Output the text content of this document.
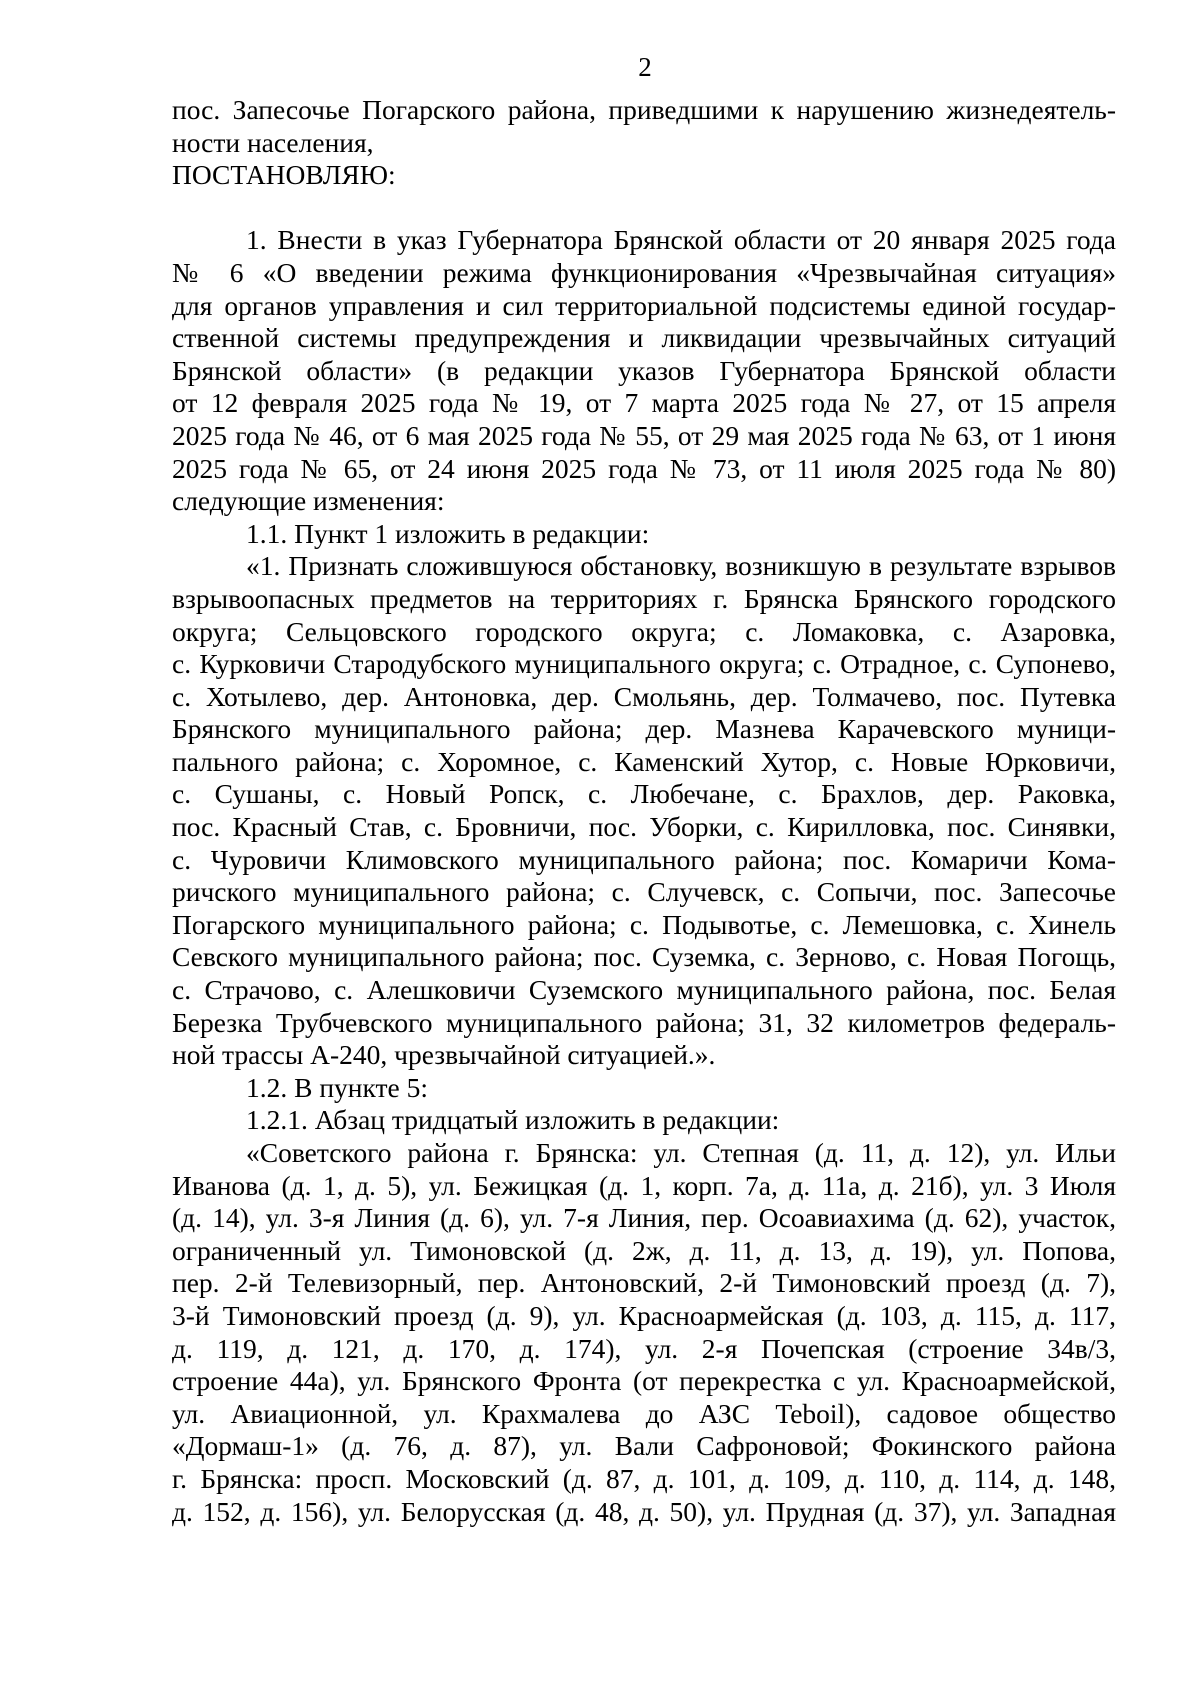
2
пос. Запесочье Погарского района, приведшими к нарушению жизнедеятель-
ности населения,
ПОСТАНОВЛЯЮ:
1. Внести в указ Губернатора Брянской области от 20 января 2025 года
№ 6 «О введении режима функционирования «Чрезвычайная ситуация»
для органов управления и сил территориальной подсистемы единой государ-
ственной системы предупреждения и ликвидации чрезвычайных ситуаций
Брянской области» (в редакции указов Губернатора Брянской области
от 12 февраля 2025 года № 19, от 7 марта 2025 года № 27, от 15 апреля
2025 года № 46, от 6 мая 2025 года № 55, от 29 мая 2025 года № 63, от 1 июня
2025 года № 65, от 24 июня 2025 года № 73, от 11 июля 2025 года № 80)
следующие изменения:
1.1. Пункт 1 изложить в редакции:
«1. Признать сложившуюся обстановку, возникшую в результате взрывов
взрывоопасных предметов на территориях г. Брянска Брянского городского
округа; Сельцовского городского округа; с. Ломаковка, с. Азаровка,
с. Курковичи Стародубского муниципального округа; с. Отрадное, с. Супонево,
с. Хотылево, дер. Антоновка, дер. Смольянь, дер. Толмачево, пос. Путевка
Брянского муниципального района; дер. Мазнева Карачевского муници-
пального района; с. Хоромное, с. Каменский Хутор, с. Новые Юрковичи,
с. Сушаны, с. Новый Ропск, с. Любечане, с. Брахлов, дер. Раковка,
пос. Красный Став, с. Бровничи, пос. Уборки, с. Кирилловка, пос. Синявки,
с. Чуровичи Климовского муниципального района; пос. Комаричи Кома-
ричского муниципального района; с. Случевск, с. Сопычи, пос. Запесочье
Погарского муниципального района; с. Подывотье, с. Лемешовка, с. Хинель
Севского муниципального района; пос. Суземка, с. Зерново, с. Новая Погощь,
с. Страчово, с. Алешковичи Суземского муниципального района, пос. Белая
Березка Трубчевского муниципального района; 31, 32 километров федераль-
ной трассы А-240, чрезвычайной ситуацией.».
1.2. В пункте 5:
1.2.1. Абзац тридцатый изложить в редакции:
«Советского района г. Брянска: ул. Степная (д. 11, д. 12), ул. Ильи
Иванова (д. 1, д. 5), ул. Бежицкая (д. 1, корп. 7а, д. 11а, д. 21б), ул. 3 Июля
(д. 14), ул. 3-я Линия (д. 6), ул. 7-я Линия, пер. Осоавиахима (д. 62), участок,
ограниченный ул. Тимоновской (д. 2ж, д. 11, д. 13, д. 19), ул. Попова,
пер. 2-й Телевизорный, пер. Антоновский, 2-й Тимоновский проезд (д. 7),
3-й Тимоновский проезд (д. 9), ул. Красноармейская (д. 103, д. 115, д. 117,
д. 119, д. 121, д. 170, д. 174), ул. 2-я Почепская (строение 34в/3,
строение 44а), ул. Брянского Фронта (от перекрестка с ул. Красноармейской,
ул. Авиационной, ул. Крахмалева до АЗС Teboil), садовое общество
«Дормаш-1» (д. 76, д. 87), ул. Вали Сафроновой; Фокинского района
г. Брянска: просп. Московский (д. 87, д. 101, д. 109, д. 110, д. 114, д. 148,
д. 152, д. 156), ул. Белорусская (д. 48, д. 50), ул. Прудная (д. 37), ул. Западная
